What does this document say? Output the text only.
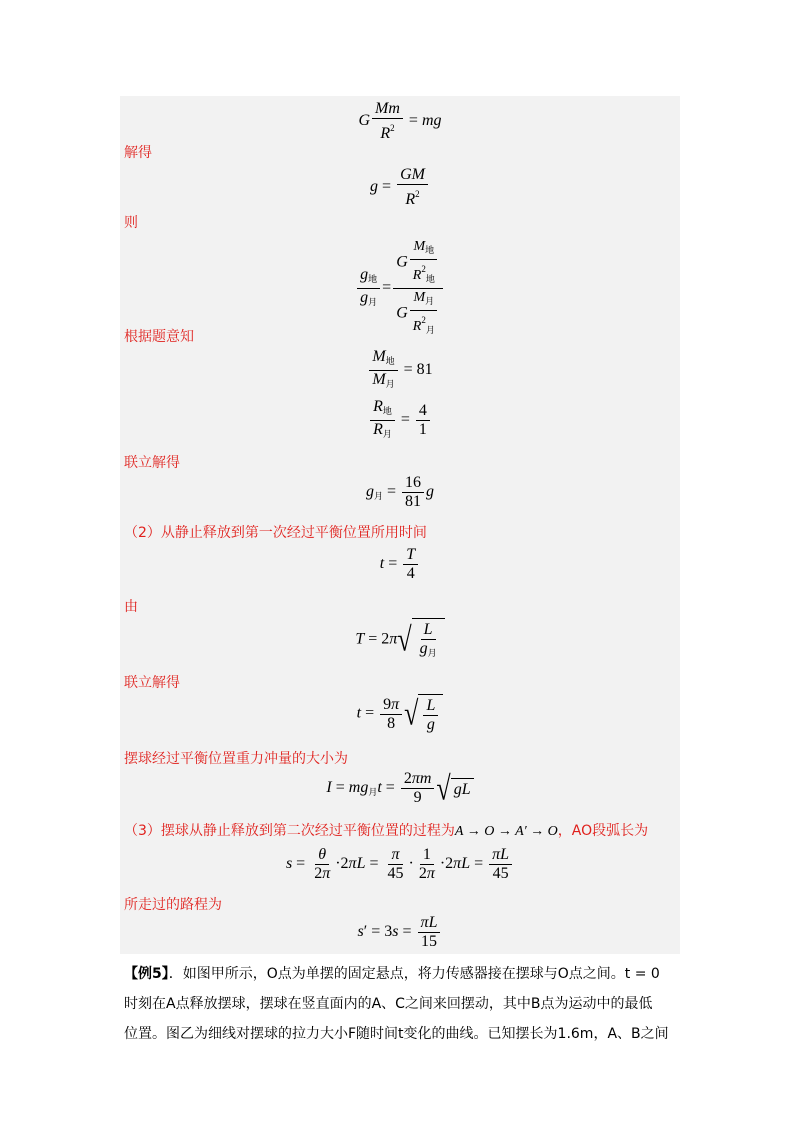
G $\frac{Mm}{R^2}$ = mg
解得
$g = \frac{GM}{R^2}$
则
$\frac{g_地}{g_月} = \frac{G \frac{M_地}{R^2_地}}{G \frac{M_月}{R^2_月}}$
根据题意知
$\frac{M_地}{M_月} = 81$
$\frac{R_地}{R_月} = \frac{4}{1}$
联立解得
$g_月 = \frac{16}{81}$ g
（2）从静止释放到第一次经过平衡位置所用时间
$t = \frac{T}{4}$
由
T = 2π √ $\frac{L}{g_月}$
联立解得
$t = \frac{9\pi}{8}$ √ $\frac{L}{g}$
摆球经过平衡位置重力冲量的大小为
$I = mg_月t = \frac{2\pi m}{9}$ √ gL
（3）摆球从静止释放到第二次经过平衡位置的过程为A → O → A′ → O，AO段弧长为
$s = \frac{\theta}{2\pi} \cdot 2\pi L = \frac{\pi}{45} \cdot \frac{1}{2\pi} \cdot 2\pi L = \frac{\pi L}{45}$
所走过的路程为
$s' = 3s = \frac{\pi L}{15}$
【例5】．如图甲所示，O点为单摆的固定悬点，将力传感器接在摆球与O点之间。t = 0
时刻在A点释放摆球，摆球在竖直面内的A、C之间来回摆动，其中B点为运动中的最低
位置。图乙为细线对摆球的拉力大小F随时间t变化的曲线。已知摆长为1.6m，A、B之间
